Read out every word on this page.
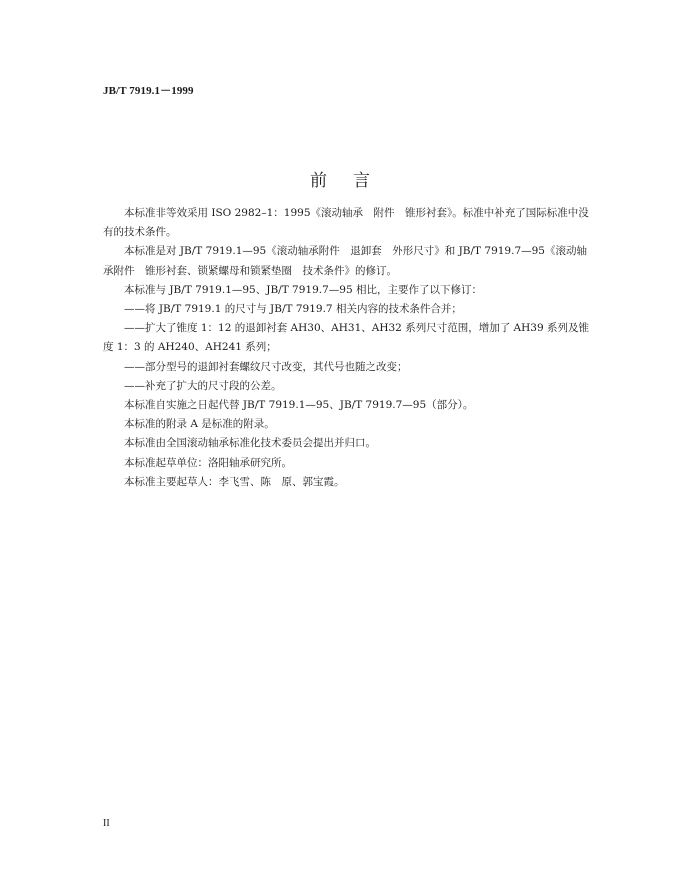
JB/T 7919.1－1999
前言

本标准非等效采用 ISO 2982–1：1995《滚动轴承　附件　锥形衬套》。标准中补充了国际标准中没有的技术条件。

本标准是对 JB/T 7919.1—95《滚动轴承附件　退卸套　外形尺寸》和 JB/T 7919.7—95《滚动轴承附件　锥形衬套、锁紧螺母和锁紧垫圈　技术条件》的修订。

本标准与 JB/T 7919.1—95、JB/T 7919.7—95 相比，主要作了以下修订：

——将 JB/T 7919.1 的尺寸与 JB/T 7919.7 相关内容的技术条件合并；

——扩大了锥度 1：12 的退卸衬套 AH30、AH31、AH32 系列尺寸范围，增加了 AH39 系列及锥度 1：3 的 AH240、AH241 系列；

——部分型号的退卸衬套螺纹尺寸改变，其代号也随之改变；

——补充了扩大的尺寸段的公差。

本标准自实施之日起代替 JB/T 7919.1—95、JB/T 7919.7—95（部分）。

本标准的附录 A 是标准的附录。

本标准由全国滚动轴承标准化技术委员会提出并归口。

本标准起草单位：洛阳轴承研究所。

本标准主要起草人：李飞雪、陈　原、郭宝霞。

II
